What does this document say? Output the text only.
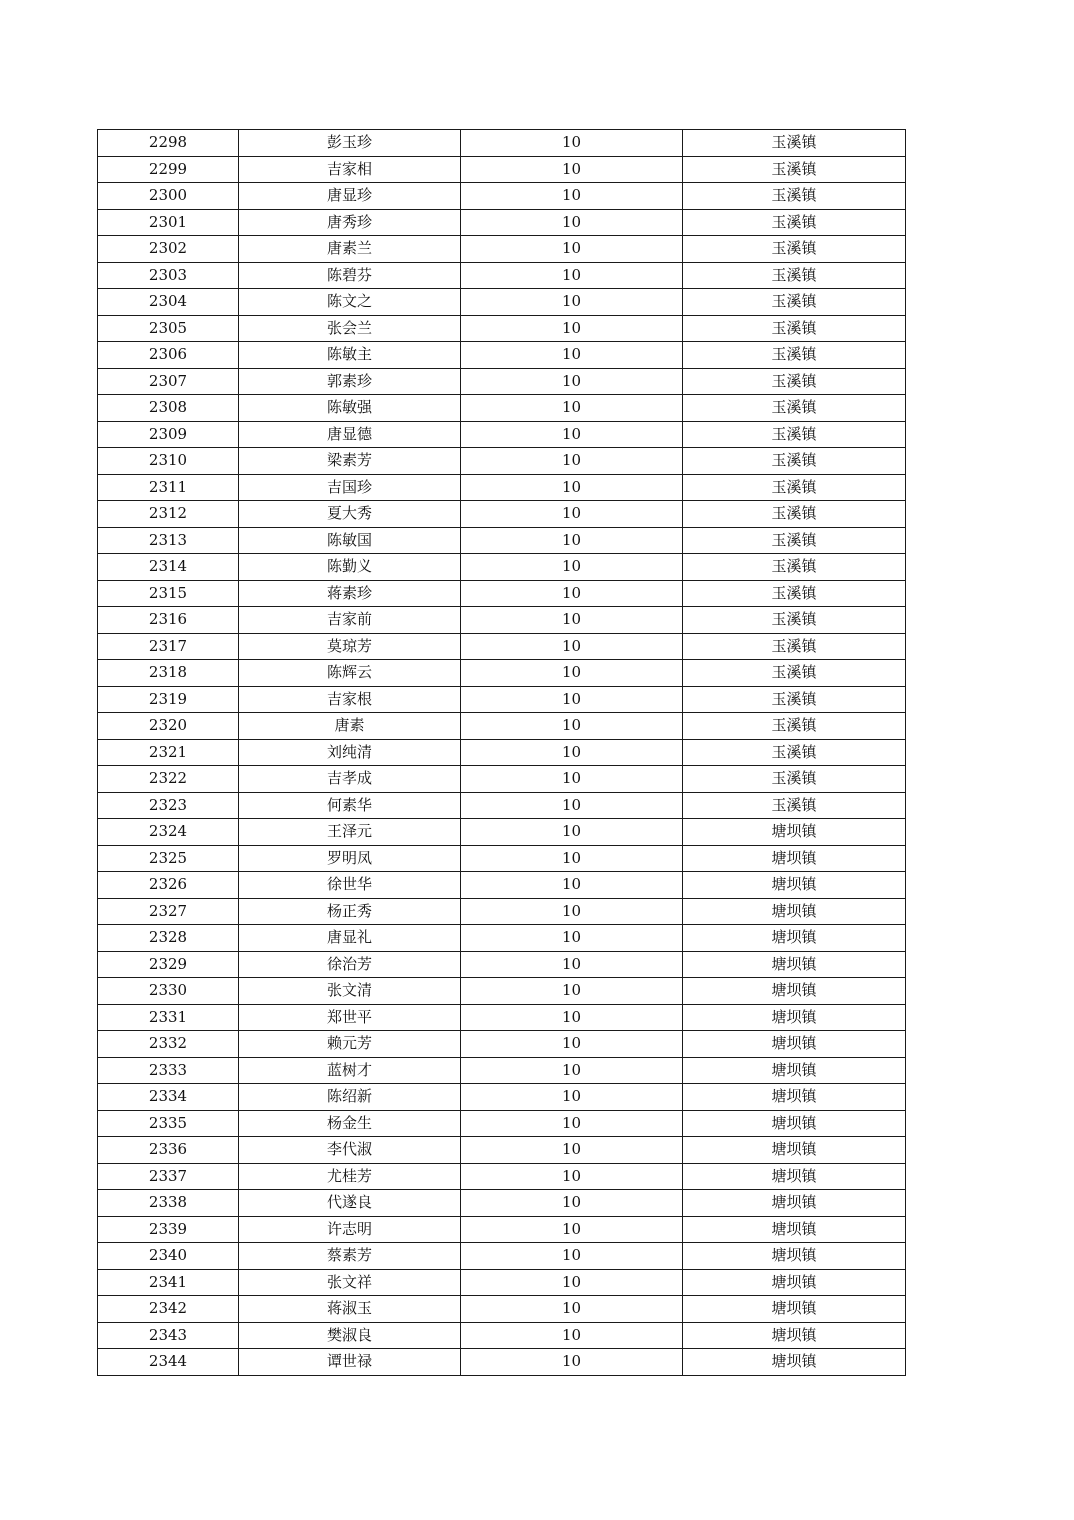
2298	彭玉珍	10	玉溪镇
2299	吉家相	10	玉溪镇
2300	唐显珍	10	玉溪镇
2301	唐秀珍	10	玉溪镇
2302	唐素兰	10	玉溪镇
2303	陈碧芬	10	玉溪镇
2304	陈文之	10	玉溪镇
2305	张会兰	10	玉溪镇
2306	陈敏主	10	玉溪镇
2307	郭素珍	10	玉溪镇
2308	陈敏强	10	玉溪镇
2309	唐显德	10	玉溪镇
2310	梁素芳	10	玉溪镇
2311	吉国珍	10	玉溪镇
2312	夏大秀	10	玉溪镇
2313	陈敏国	10	玉溪镇
2314	陈勤义	10	玉溪镇
2315	蒋素珍	10	玉溪镇
2316	吉家前	10	玉溪镇
2317	莫琼芳	10	玉溪镇
2318	陈辉云	10	玉溪镇
2319	吉家根	10	玉溪镇
2320	唐素	10	玉溪镇
2321	刘纯清	10	玉溪镇
2322	吉孝成	10	玉溪镇
2323	何素华	10	玉溪镇
2324	王泽元	10	塘坝镇
2325	罗明凤	10	塘坝镇
2326	徐世华	10	塘坝镇
2327	杨正秀	10	塘坝镇
2328	唐显礼	10	塘坝镇
2329	徐治芳	10	塘坝镇
2330	张文清	10	塘坝镇
2331	郑世平	10	塘坝镇
2332	赖元芳	10	塘坝镇
2333	蓝树才	10	塘坝镇
2334	陈绍新	10	塘坝镇
2335	杨金生	10	塘坝镇
2336	李代淑	10	塘坝镇
2337	尤桂芳	10	塘坝镇
2338	代遂良	10	塘坝镇
2339	许志明	10	塘坝镇
2340	蔡素芳	10	塘坝镇
2341	张文祥	10	塘坝镇
2342	蒋淑玉	10	塘坝镇
2343	樊淑良	10	塘坝镇
2344	谭世禄	10	塘坝镇
